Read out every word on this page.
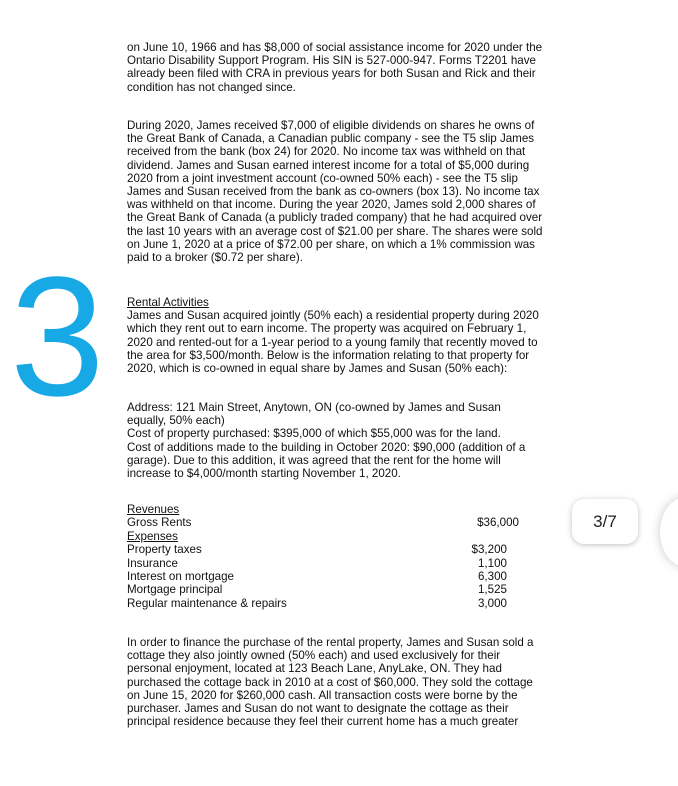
3
on June 10, 1966 and has $8,000 of social assistance income for 2020 under the
Ontario Disability Support Program. His SIN is 527-000-947. Forms T2201 have
already been filed with CRA in previous years for both Susan and Rick and their
condition has not changed since.
During 2020, James received $7,000 of eligible dividends on shares he owns of
the Great Bank of Canada, a Canadian public company - see the T5 slip James
received from the bank (box 24) for 2020. No income tax was withheld on that
dividend. James and Susan earned interest income for a total of $5,000 during
2020 from a joint investment account (co-owned 50% each) - see the T5 slip
James and Susan received from the bank as co-owners (box 13). No income tax
was withheld on that income. During the year 2020, James sold 2,000 shares of
the Great Bank of Canada (a publicly traded company) that he had acquired over
the last 10 years with an average cost of $21.00 per share. The shares were sold
on June 1, 2020 at a price of $72.00 per share, on which a 1% commission was
paid to a broker ($0.72 per share).
Rental Activities
James and Susan acquired jointly (50% each) a residential property during 2020
which they rent out to earn income. The property was acquired on February 1,
2020 and rented-out for a 1-year period to a young family that recently moved to
the area for $3,500/month. Below is the information relating to that property for
2020, which is co-owned in equal share by James and Susan (50% each):
Address: 121 Main Street, Anytown, ON (co-owned by James and Susan
equally, 50% each)
Cost of property purchased: $395,000 of which $55,000 was for the land.
Cost of additions made to the building in October 2020: $90,000 (addition of a
garage). Due to this addition, it was agreed that the rent for the home will
increase to $4,000/month starting November 1, 2020.
Revenues
Gross Rents	$36,000
Expenses
Property taxes	$3,200
Insurance	1,100
Interest on mortgage	6,300
Mortgage principal	1,525
Regular maintenance & repairs	3,000
In order to finance the purchase of the rental property, James and Susan sold a
cottage they also jointly owned (50% each) and used exclusively for their
personal enjoyment, located at 123 Beach Lane, AnyLake, ON. They had
purchased the cottage back in 2010 at a cost of $60,000. They sold the cottage
on June 15, 2020 for $260,000 cash. All transaction costs were borne by the
purchaser. James and Susan do not want to designate the cottage as their
principal residence because they feel their current home has a much greater
3/7
